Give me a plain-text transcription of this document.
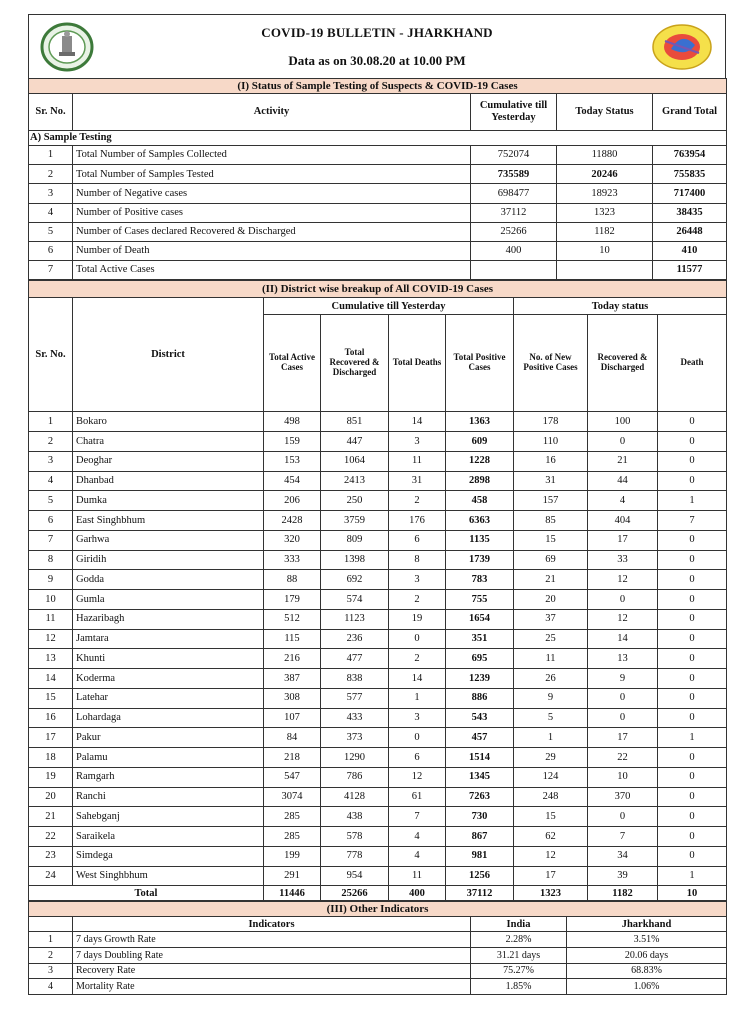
COVID-19 BULLETIN - JHARKHAND
Data as on 30.08.20 at 10.00 PM
(I) Status of Sample Testing of Suspects & COVID-19 Cases				
Sr. No.	Activity	Cumulative till Yesterday	Today Status	Grand Total
A) Sample Testing				
1	Total Number of Samples Collected	752074	11880	763954
2	Total Number of Samples Tested	735589	20246	755835
3	Number of Negative cases	698477	18923	717400
4	Number of Positive cases	37112	1323	38435
5	Number of Cases declared Recovered & Discharged	25266	1182	26448
6	Number of Death	400	10	410
7	Total Active Cases			11577
(II) District wise breakup of All COVID-19 Cases								
Sr. No.	District	Cumulative till Yesterday				Today status		
		Total Active Cases	Total Recovered & Discharged	Total Deaths	Total Positive Cases	No. of New Positive Cases	Recovered & Discharged	Death
1	Bokaro	498	851	14	1363	178	100	0
2	Chatra	159	447	3	609	110	0	0
3	Deoghar	153	1064	11	1228	16	21	0
4	Dhanbad	454	2413	31	2898	31	44	0
5	Dumka	206	250	2	458	157	4	1
6	East Singhbhum	2428	3759	176	6363	85	404	7
7	Garhwa	320	809	6	1135	15	17	0
8	Giridih	333	1398	8	1739	69	33	0
9	Godda	88	692	3	783	21	12	0
10	Gumla	179	574	2	755	20	0	0
11	Hazaribagh	512	1123	19	1654	37	12	0
12	Jamtara	115	236	0	351	25	14	0
13	Khunti	216	477	2	695	11	13	0
14	Koderma	387	838	14	1239	26	9	0
15	Latehar	308	577	1	886	9	0	0
16	Lohardaga	107	433	3	543	5	0	0
17	Pakur	84	373	0	457	1	17	1
18	Palamu	218	1290	6	1514	29	22	0
19	Ramgarh	547	786	12	1345	124	10	0
20	Ranchi	3074	4128	61	7263	248	370	0
21	Sahebganj	285	438	7	730	15	0	0
22	Saraikela	285	578	4	867	62	7	0
23	Simdega	199	778	4	981	12	34	0
24	West Singhbhum	291	954	11	1256	17	39	1
Total		11446	25266	400	37112	1323	1182	10
(III) Other Indicators			
	Indicators	India	Jharkhand
1	7 days Growth Rate	2.28%	3.51%
2	7 days Doubling Rate	31.21 days	20.06 days
3	Recovery Rate	75.27%	68.83%
4	Mortality Rate	1.85%	1.06%
